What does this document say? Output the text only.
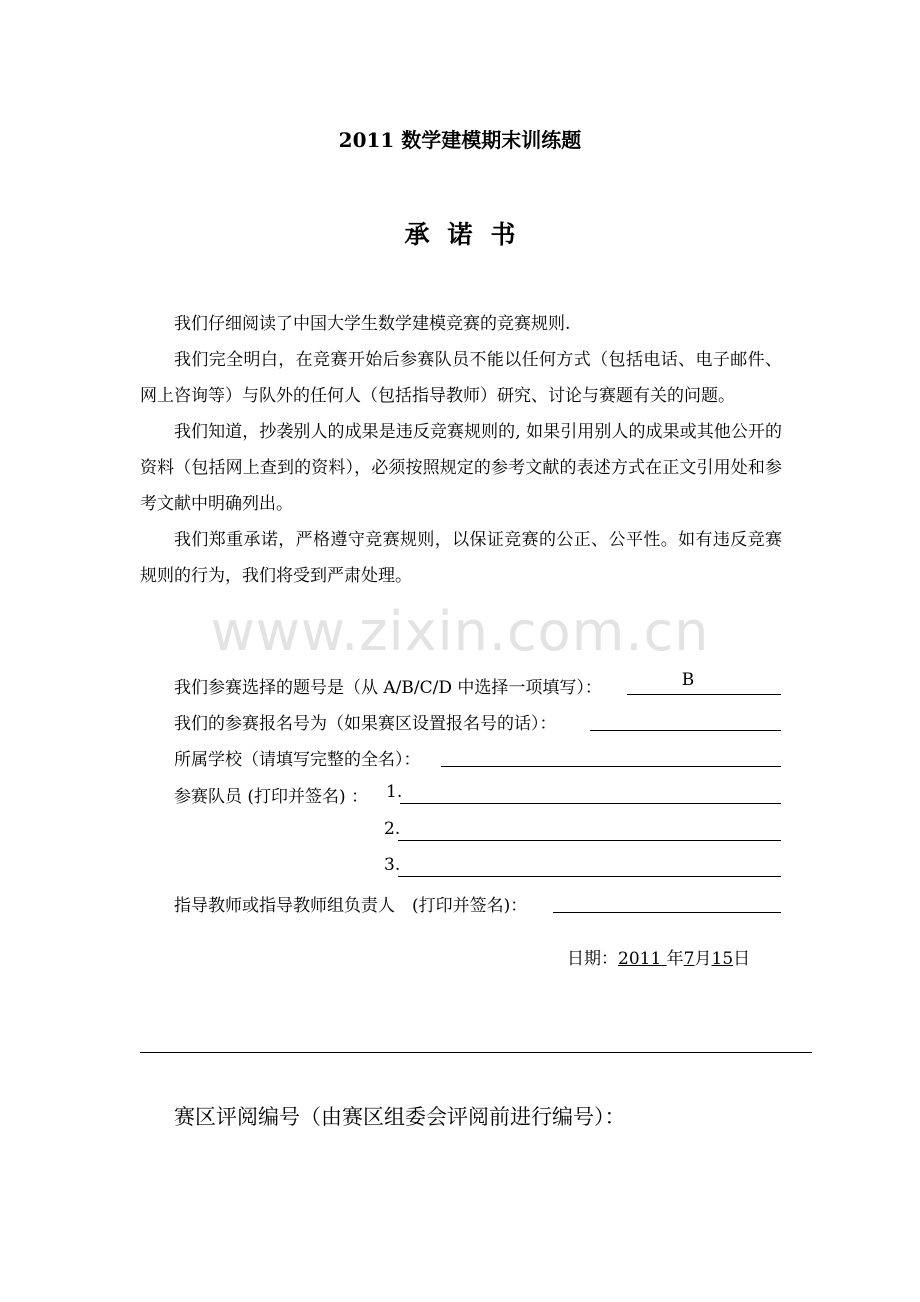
www.zixin.com.cn
2011 数学建模期末训练题
承 诺 书

我们仔细阅读了中国大学生数学建模竞赛的竞赛规则.

我们完全明白，在竞赛开始后参赛队员不能以任何方式（包括电话、电子邮件、网上咨询等）与队外的任何人（包括指导教师）研究、讨论与赛题有关的问题。

我们知道，抄袭别人的成果是违反竞赛规则的, 如果引用别人的成果或其他公开的资料（包括网上查到的资料），必须按照规定的参考文献的表述方式在正文引用处和参考文献中明确列出。

我们郑重承诺，严格遵守竞赛规则，以保证竞赛的公正、公平性。如有违反竞赛规则的行为，我们将受到严肃处理。

我们参赛选择的题号是（从 A/B/C/D 中选择一项填写）：	B
我们的参赛报名号为（如果赛区设置报名号的话）：
所属学校（请填写完整的全名）：
参赛队员 (打印并签名) ： 1.
2.
3.
指导教师或指导教师组负责人　(打印并签名)：
日期：2011 年7月15日
赛区评阅编号（由赛区组委会评阅前进行编号）：
